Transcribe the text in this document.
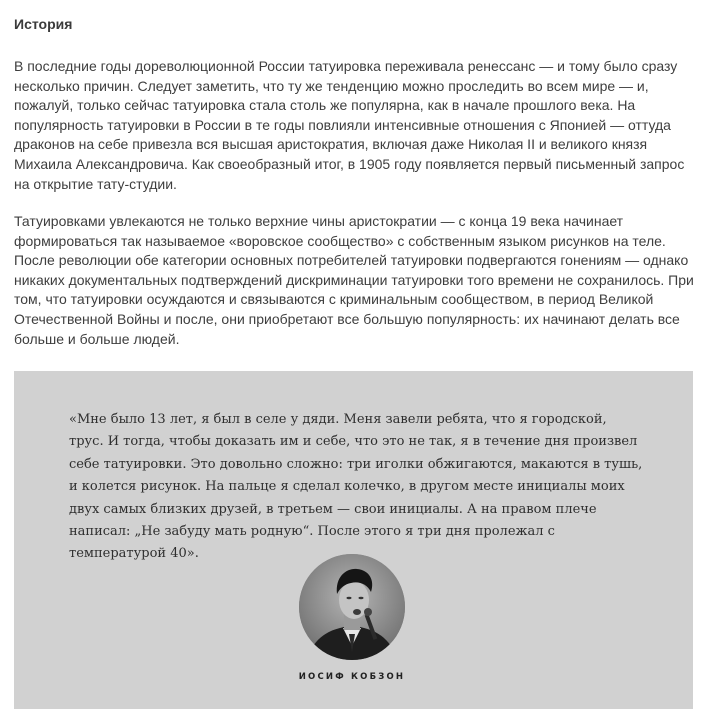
История

В последние годы дореволюционной России татуировка переживала ренессанс — и тому было сразу несколько причин. Следует заметить, что ту же тенденцию можно проследить во всем мире — и, пожалуй, только сейчас татуировка стала столь же популярна, как в начале прошлого века. На популярность татуировки в России в те годы повлияли интенсивные отношения с Японией — оттуда драконов на себе привезла вся высшая аристократия, включая даже Николая II и великого князя Михаила Александровича. Как своеобразный итог, в 1905 году появляется первый письменный запрос на открытие тату-студии.

Татуировками увлекаются не только верхние чины аристократии — с конца 19 века начинает формироваться так называемое «воровское сообщество» с собственным языком рисунков на теле. После революции обе категории основных потребителей татуировки подвергаются гонениям — однако никаких документальных подтверждений дискриминации татуировки того времени не сохранилось. При том, что татуировки осуждаются и связываются с криминальным сообществом, в период Великой Отечественной Войны и после, они приобретают все большую популярность: их начинают делать все больше и больше людей.

«Мне было 13 лет, я был в селе у дяди. Меня завели ребята, что я городской, трус. И тогда, чтобы доказать им и себе, что это не так, я в течение дня произвел себе татуировки. Это довольно сложно: три иголки обжигаются, макаются в тушь, и колется рисунок. На пальце я сделал колечко, в другом месте инициалы моих двух самых близких друзей, в третьем — свои инициалы. А на правом плече написал: „Не забуду мать родную“. После этого я три дня пролежал с температурой 40».

ИОСИФ КОБЗОН
